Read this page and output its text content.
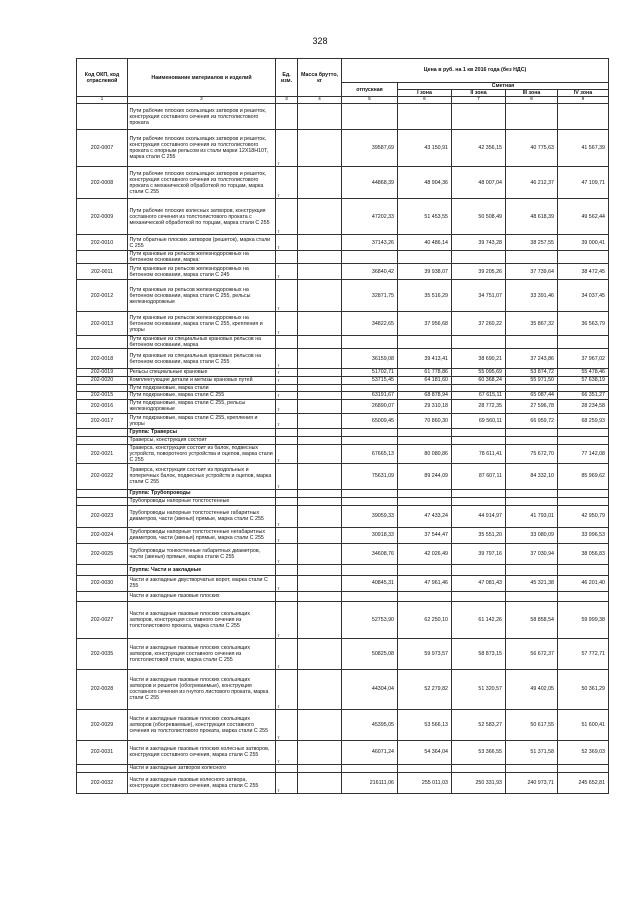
328
Код ОКП, код отраслевой	Наименование материалов и изделий	Ед. изм.	Масса брутто, кг	Цена в руб. на 1 кв 2016 года (без НДС)				
				отпускная	Сметная			
					I зона	II зона	III зона	IV зона
1	2	3	4	5	6	7	8	9
	Пути рабочие плоских скользящих затворов и решеток, конструкция составного сечения из толстолистового проката							
202-0007	Пути рабочие плоских скользящих затворов и решеток, конструкция составного сечения из толстолистового проката с опорным рельсом из стали марки 12Х18Н10Т, марка стали С 255	т		39587,69	43 150,91	42 356,15	40 775,63	41 567,39
202-0008	Пути рабочие плоских скользящих затворов и решеток, конструкция составного сечения из толстолистового проката с механической обработкой по торцам, марка стали С 255	т		44868,39	48 904,36	48 007,04	46 212,37	47 109,71
202-0009	Пути рабочие плоских колесных затворов, конструкция составного сечения из толстолистового проката с механической обработкой по торцам, марка стали С 255	т		47202,33	51 453,55	50 508,49	48 618,39	49 562,44
202-0010	Пути обратные плоских затворов (решеток), марка стали С 255	т		37143,26	40 486,14	39 743,28	38 257,55	39 000,41
	Пути крановые из рельсов железнодорожных на бетонном основании, марка:							
202-0011	Пути крановые из рельсов железнодорожных на бетонном основании, марка стали С 245	т		36840,42	39 938,07	39 205,26	37 739,64	38 472,45
202-0012	Пути крановые из рельсов железнодорожных на бетонном основании, марка стали С 255, рельсы железнодорожные	т		32871,75	35 516,29	34 751,07	33 391,46	34 037,45
202-0013	Пути крановые из рельсов железнодорожных на бетонном основании, марка стали С 255, крепления и упоры	т		34822,65	37 956,68	37 260,22	35 867,32	36 563,79
	Пути крановые из специальных крановых рельсов на бетонном основании, марка							
202-0018	Пути крановые из специальных крановых рельсов на бетонном основании, марка стали С 255	т		36159,08	39 413,41	38 690,21	37 243,86	37 967,02
202-0019	Рельсы специальные крановые	т		51702,71	61 778,86	55 095,69	53 874,72	55 478,46
202-0020	Комплектующие детали и метизы крановых путей	т		53715,45	64 181,60	60 368,24	55 971,50	57 638,19
	Пути подкрановые, марка стали							
202-0015	Пути подкрановые, марка стали С 255	т		63191,67	68 878,94	67 615,11	65 087,44	66 351,27
202-0016	Пути подкрановые, марка стали С 255, рельсы железнодорожные	т		26890,07	29 310,18	28 772,35	27 596,78	28 234,58
202-0017	Пути подкрановые, марка стали С 255, крепления и упоры	т		65009,45	70 860,30	69 560,11	66 959,72	68 259,93
	Группа: Траверсы							
	Траверсы, конструкция состоит							
202-0021	Траверса, конструкция состоит из балок, подвесных устройств, поворотного устройства и оцепов, марка стали С 255	т		67665,13	80 080,86	78 611,41	75 672,70	77 142,08
202-0022	Траверса, конструкция состоит из продольных и поперечных балок, подвесных устройств и оцепов, марка стали С 255	т		75631,09	89 244,09	87 607,11	84 332,10	85 969,62
	Группа: Трубопроводы							
	Трубопроводы напорные толстостенные							
202-0023	Трубопроводы напорные толстостенные габаритных диаметров, части (звенья) прямые, марка стали С 255	т		39059,33	47 433,24	44 914,97	41 793,01	42 950,79
202-0024	Трубопроводы напорные толстостенные негабаритных диаметров, части (звенья) прямые, марка стали С 255	т		30918,33	37 544,47	35 551,20	33 080,09	33 996,53
202-0025	Трубопроводы тонкостенные габаритных диаметров, части (звенья) прямые, марка стали С 255	т		34608,76	42 026,49	39 797,16	37 030,94	38 056,83
	Группа: Части и закладные							
202-0030	Части и закладные двустворчатых ворот, марка стали С 255	т		40845,31	47 961,46	47 081,43	45 321,38	46 201,40
	Части и закладные пазовые плоских							
202-0027	Части и закладные пазовые плоских скользящих затворов, конструкция составного сечения из толстолистового проката, марка стали С 255	т		52753,90	62 250,10	61 142,26	58 858,54	59 999,38
202-0035	Части и закладные пазовые плоских скользящих затворов, конструкция составного сечения из толстолистовой стали, марка стали С 255	т		50825,08	59 973,57	58 873,15	56 672,37	57 772,71
202-0028	Части и закладные пазовые плоских скользящих затворов и решеток (обогреваемые), конструкция составного сечения из гнутого листового проката, марка стали С 255	т		44304,04	52 279,82	51 320,57	49 402,05	50 361,29
202-0029	Части и закладные пазовые плоских скользящих затворов (обогреваемые), конструкция составного сечения из толстолистового проката, марка стали С 255	т		45395,05	53 566,13	52 583,27	50 617,55	51 600,41
202-0031	Части и закладные пазовые плоских колесных затворов, конструкция составного сечения, марка стали С 255	т		46071,24	54 364,04	53 366,55	51 371,58	52 369,03
	Части и закладные затворов колесного							
202-0032	Части и закладные пазовые колесного затвора, конструкция составного сечения, марка стали С 255	т		216111,06	255 011,03	250 331,93	240 973,71	245 652,81
